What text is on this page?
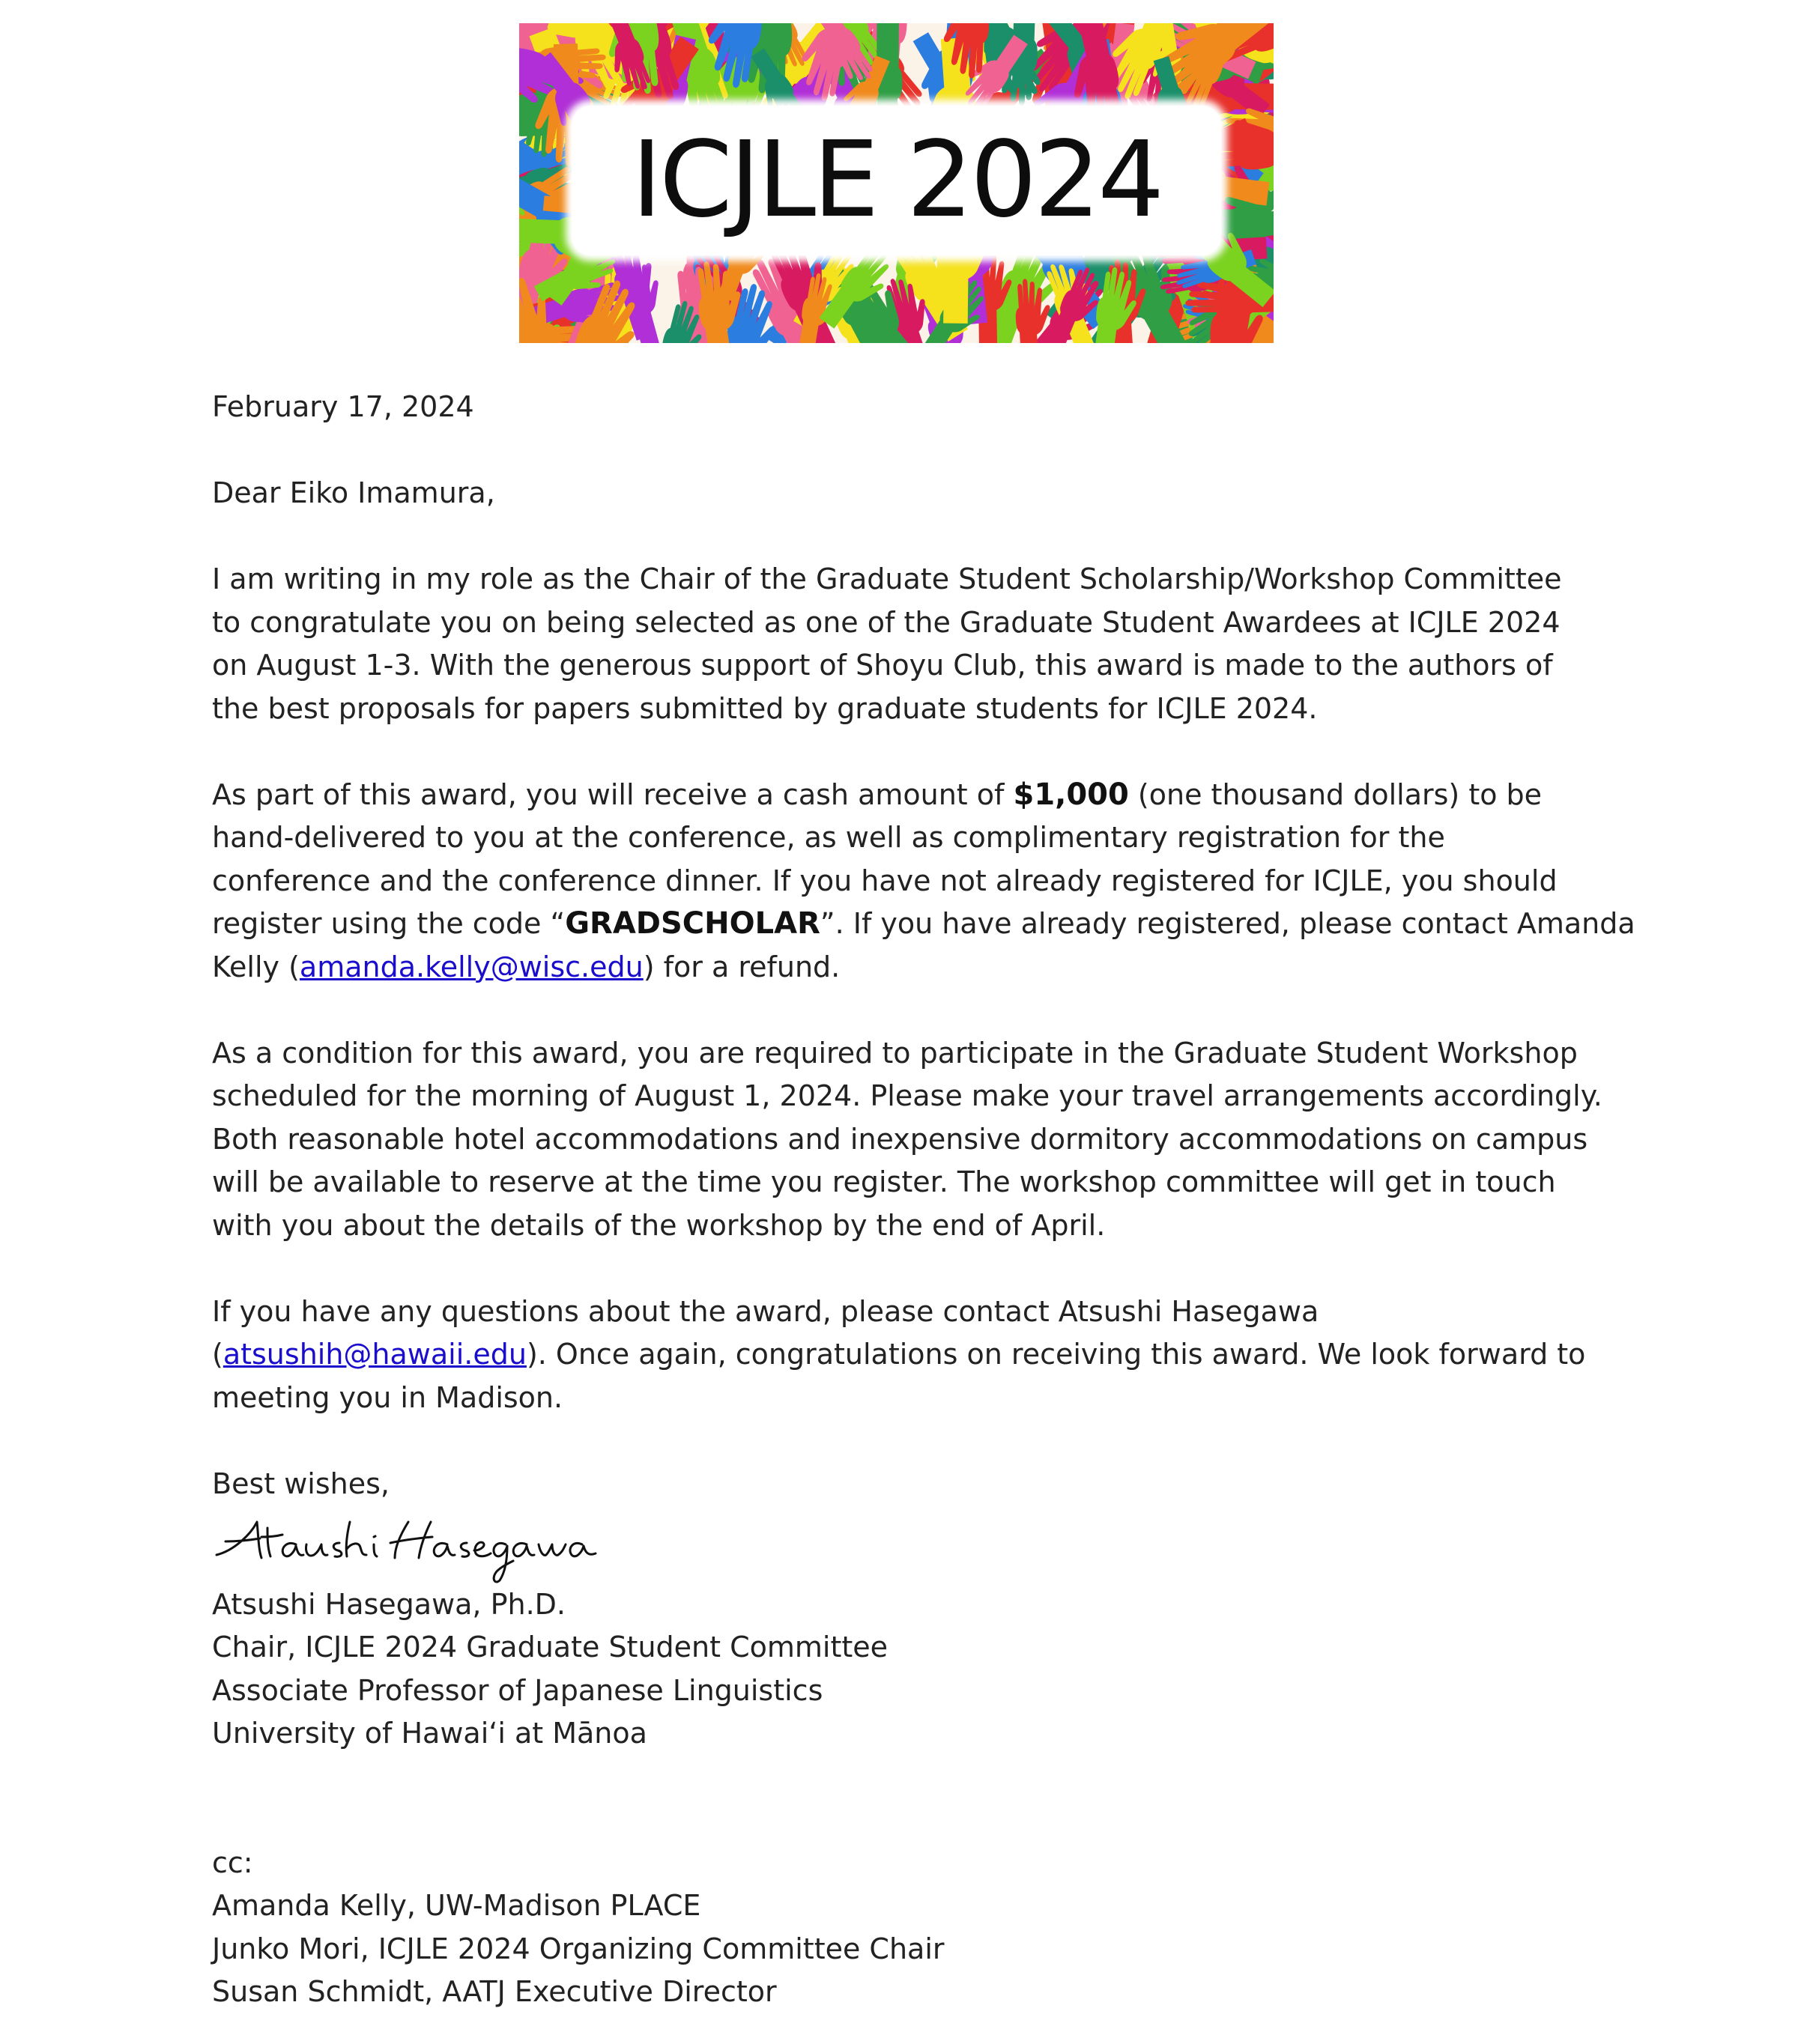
ICJLE 2024

February 17, 2024

Dear Eiko Imamura,

I am writing in my role as the Chair of the Graduate Student Scholarship/Workshop Committee
to congratulate you on being selected as one of the Graduate Student Awardees at ICJLE 2024
on August 1-3. With the generous support of Shoyu Club, this award is made to the authors of
the best proposals for papers submitted by graduate students for ICJLE 2024.

As part of this award, you will receive a cash amount of $1,000 (one thousand dollars) to be
hand-delivered to you at the conference, as well as complimentary registration for the
conference and the conference dinner. If you have not already registered for ICJLE, you should
register using the code “GRADSCHOLAR”. If you have already registered, please contact Amanda
Kelly (amanda.kelly@wisc.edu) for a refund.

As a condition for this award, you are required to participate in the Graduate Student Workshop
scheduled for the morning of August 1, 2024. Please make your travel arrangements accordingly.
Both reasonable hotel accommodations and inexpensive dormitory accommodations on campus
will be available to reserve at the time you register. The workshop committee will get in touch
with you about the details of the workshop by the end of April.

If you have any questions about the award, please contact Atsushi Hasegawa
(atsushih@hawaii.edu). Once again, congratulations on receiving this award. We look forward to
meeting you in Madison.

Best wishes,

Atsushi Hasegawa, Ph.D.

Chair, ICJLE 2024 Graduate Student Committee

Associate Professor of Japanese Linguistics

University of Hawaiʻi at Mānoa

cc:

Amanda Kelly, UW-Madison PLACE

Junko Mori, ICJLE 2024 Organizing Committee Chair

Susan Schmidt, AATJ Executive Director
